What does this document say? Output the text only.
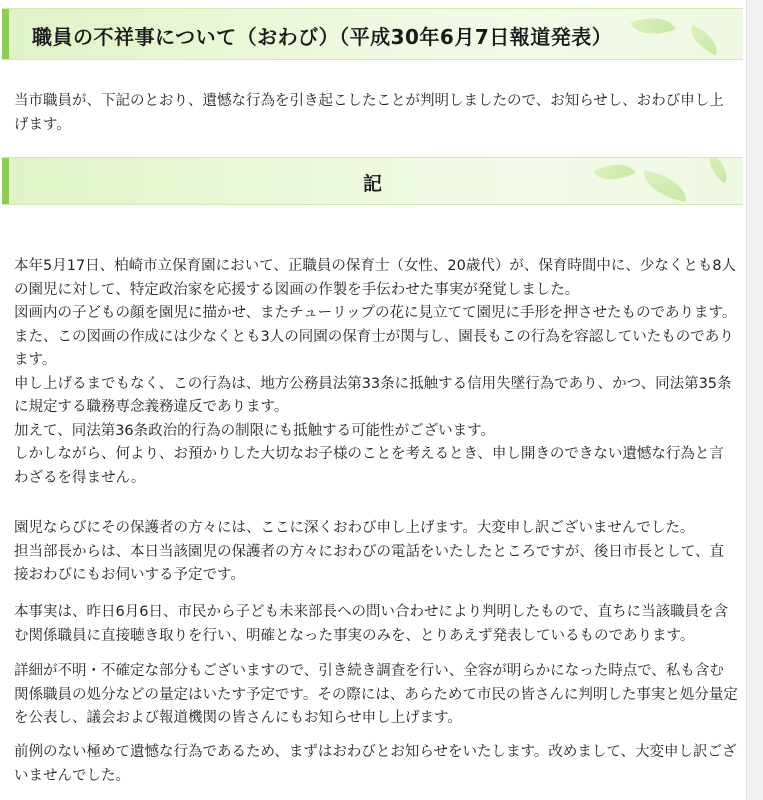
職員の不祥事について（おわび）（平成30年6月7日報道発表）

当市職員が、下記のとおり、遺憾な行為を引き起こしたことが判明しましたので、お知らせし、おわび申し上げます。

記

本年5月17日、柏崎市立保育園において、正職員の保育士（女性、20歳代）が、保育時間中に、少なくとも8人の園児に対して、特定政治家を応援する図画の作製を手伝わせた事実が発覚しました。

図画内の子どもの顔を園児に描かせ、またチューリップの花に見立てて園児に手形を押させたものであります。

また、この図画の作成には少なくとも3人の同園の保育士が関与し、園長もこの行為を容認していたものであります。

申し上げるまでもなく、この行為は、地方公務員法第33条に抵触する信用失墜行為であり、かつ、同法第35条に規定する職務専念義務違反であります。

加えて、同法第36条政治的行為の制限にも抵触する可能性がございます。

しかしながら、何より、お預かりした大切なお子様のことを考えるとき、申し開きのできない遺憾な行為と言わざるを得ません。

園児ならびにその保護者の方々には、ここに深くおわび申し上げます。大変申し訳ございませんでした。

担当部長からは、本日当該園児の保護者の方々におわびの電話をいたしたところですが、後日市長として、直接おわびにもお伺いする予定です。

本事実は、昨日6月6日、市民から子ども未来部長への問い合わせにより判明したもので、直ちに当該職員を含む関係職員に直接聴き取りを行い、明確となった事実のみを、とりあえず発表しているものであります。

詳細が不明・不確定な部分もございますので、引き続き調査を行い、全容が明らかになった時点で、私も含む関係職員の処分などの量定はいたす予定です。その際には、あらためて市民の皆さんに判明した事実と処分量定を公表し、議会および報道機関の皆さんにもお知らせ申し上げます。

前例のない極めて遺憾な行為であるため、まずはおわびとお知らせをいたします。改めまして、大変申し訳ございませんでした。
